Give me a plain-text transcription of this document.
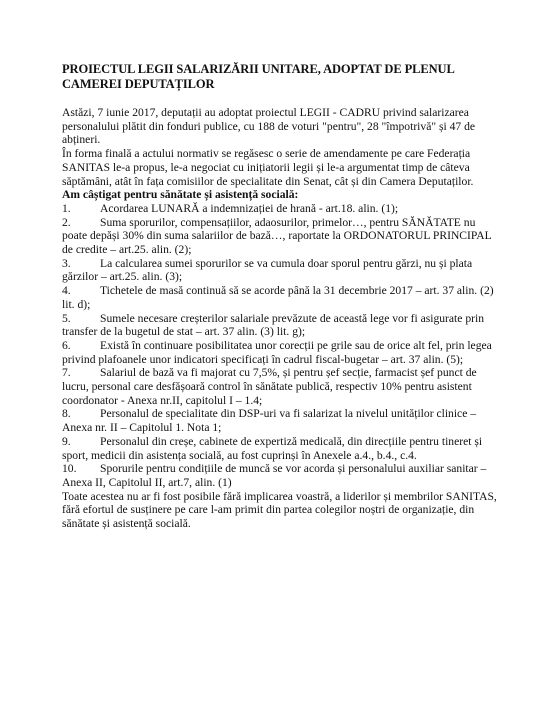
PROIECTUL LEGII SALARIZĂRII UNITARE, ADOPTAT DE PLENUL CAMEREI DEPUTAȚILOR

Astăzi, 7 iunie 2017, deputații au adoptat proiectul LEGII - CADRU privind salarizarea personalului plătit din fonduri publice, cu 188 de voturi "pentru", 28 "împotrivă" și 47 de abțineri.

În forma finală a actului normativ se regăsesc o serie de amendamente pe care Federația SANITAS le-a propus, le-a negociat cu inițiatorii legii și le-a argumentat timp de câteva săptămâni, atât în fața comisiilor de specialitate din Senat, cât și din Camera Deputaților.

Am câștigat pentru sănătate și asistență socială:

1.	Acordarea LUNARĂ a indemnizației de hrană - art.18. alin. (1);

2.	Suma sporurilor, compensațiilor, adaosurilor, primelor…, pentru SĂNĂTATE nu poate depăși 30% din suma salariilor de bază…, raportate la ORDONATORUL PRINCIPAL de credite – art.25. alin. (2);

3.	La calcularea sumei sporurilor se va cumula doar sporul pentru gărzi, nu și plata gărzilor – art.25. alin. (3);

4.	Tichetele de masă continuă să se acorde până la 31 decembrie 2017 – art. 37 alin. (2) lit. d);

5.	Sumele necesare creșterilor salariale prevăzute de această lege vor fi asigurate prin transfer de la bugetul de stat – art. 37 alin. (3) lit. g);

6.	Există în continuare posibilitatea unor corecții pe grile sau de orice alt fel, prin legea privind plafoanele unor indicatori specificați în cadrul fiscal-bugetar – art. 37 alin. (5);

7.	Salariul de bază va fi majorat cu 7,5%, și pentru șef secție, farmacist șef punct de lucru, personal care desfășoară control în sănătate publică, respectiv 10% pentru asistent coordonator - Anexa nr.II, capitolul I – 1.4;

8.	Personalul de specialitate din DSP-uri va fi salarizat la nivelul unităților clinice – Anexa nr. II – Capitolul 1. Nota 1;

9.	Personalul din creșe, cabinete de expertiză medicală, din direcțiile pentru tineret și sport, medicii din asistența socială, au fost cuprinși în Anexele a.4., b.4., c.4.

10. Sporurile pentru condițiile de muncă se vor acorda și personalului auxiliar sanitar – Anexa II, Capitolul II, art.7, alin. (1)

Toate acestea nu ar fi fost posibile fără implicarea voastră, a liderilor și membrilor SANITAS, fără efortul de susținere pe care l-am primit din partea colegilor noștri de organizație, din sănătate și asistență socială.
